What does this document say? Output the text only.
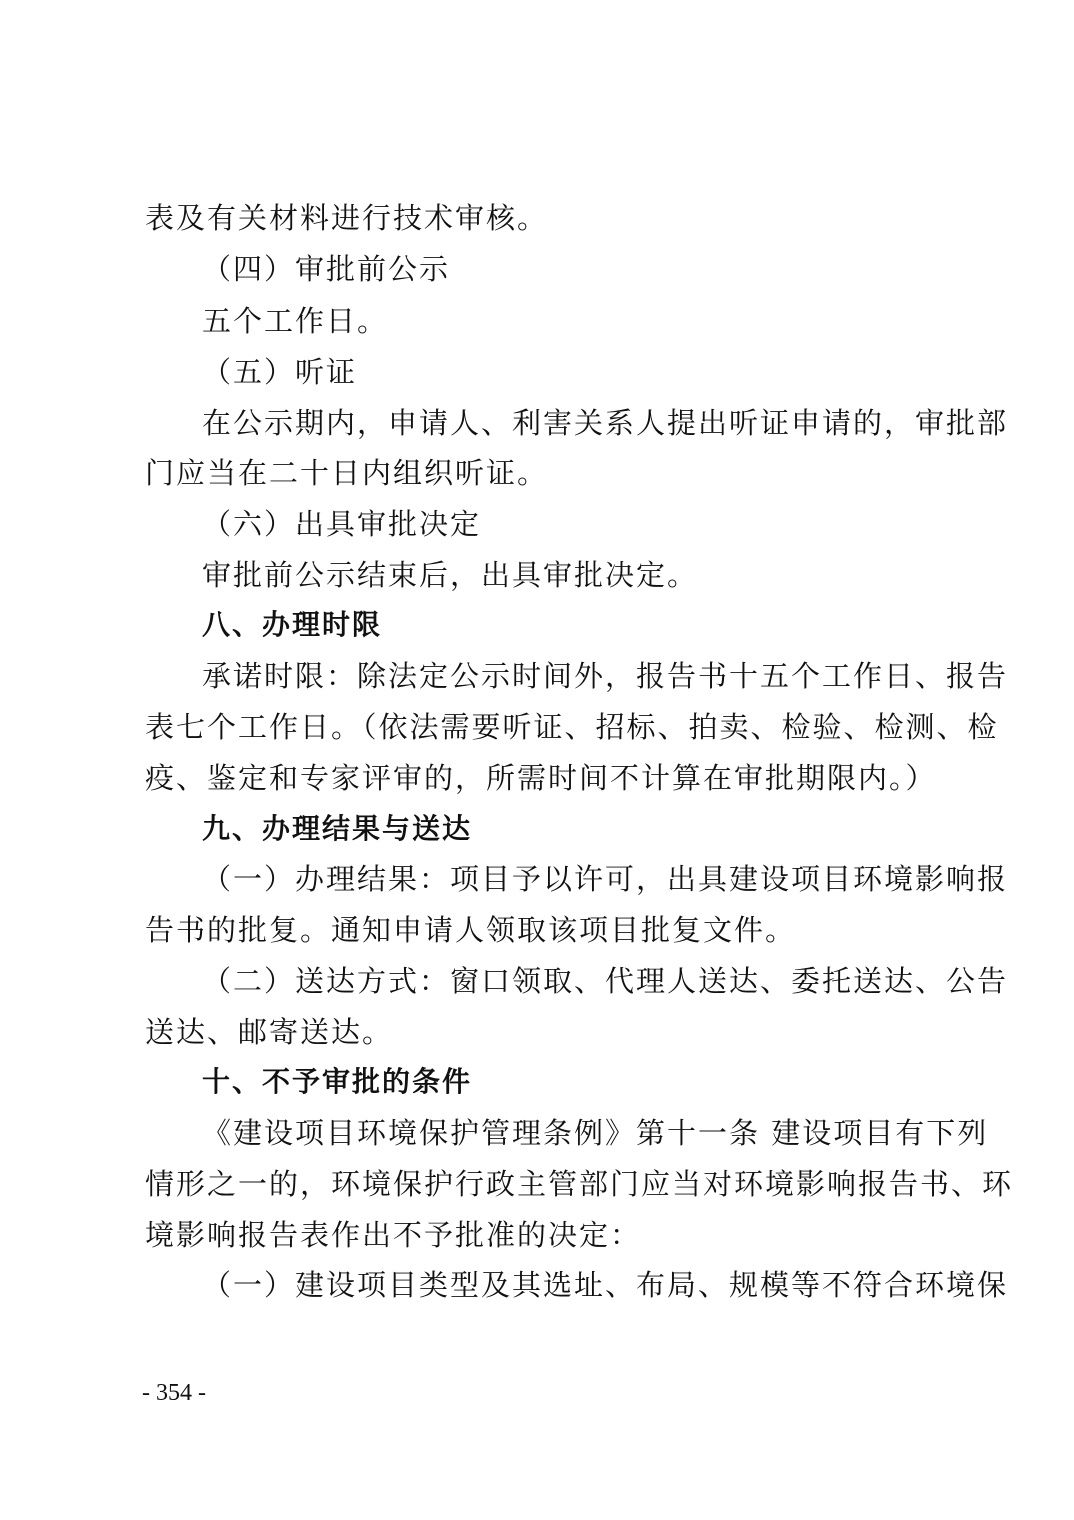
表及有关材料进行技术审核。
（四）审批前公示
五个工作日。
（五）听证
在公示期内，申请人、利害关系人提出听证申请的，审批部
门应当在二十日内组织听证。
（六）出具审批决定
审批前公示结束后，出具审批决定。
八、办理时限
承诺时限：除法定公示时间外，报告书十五个工作日、报告
表七个工作日。（依法需要听证、招标、拍卖、检验、检测、检
疫、鉴定和专家评审的，所需时间不计算在审批期限内。）
九、办理结果与送达
（一）办理结果：项目予以许可，出具建设项目环境影响报
告书的批复。通知申请人领取该项目批复文件。
（二）送达方式：窗口领取、代理人送达、委托送达、公告
送达、邮寄送达。
十、不予审批的条件
《建设项目环境保护管理条例》第十一条 建设项目有下列
情形之一的，环境保护行政主管部门应当对环境影响报告书、环
境影响报告表作出不予批准的决定：
（一）建设项目类型及其选址、布局、规模等不符合环境保
- 354 -
